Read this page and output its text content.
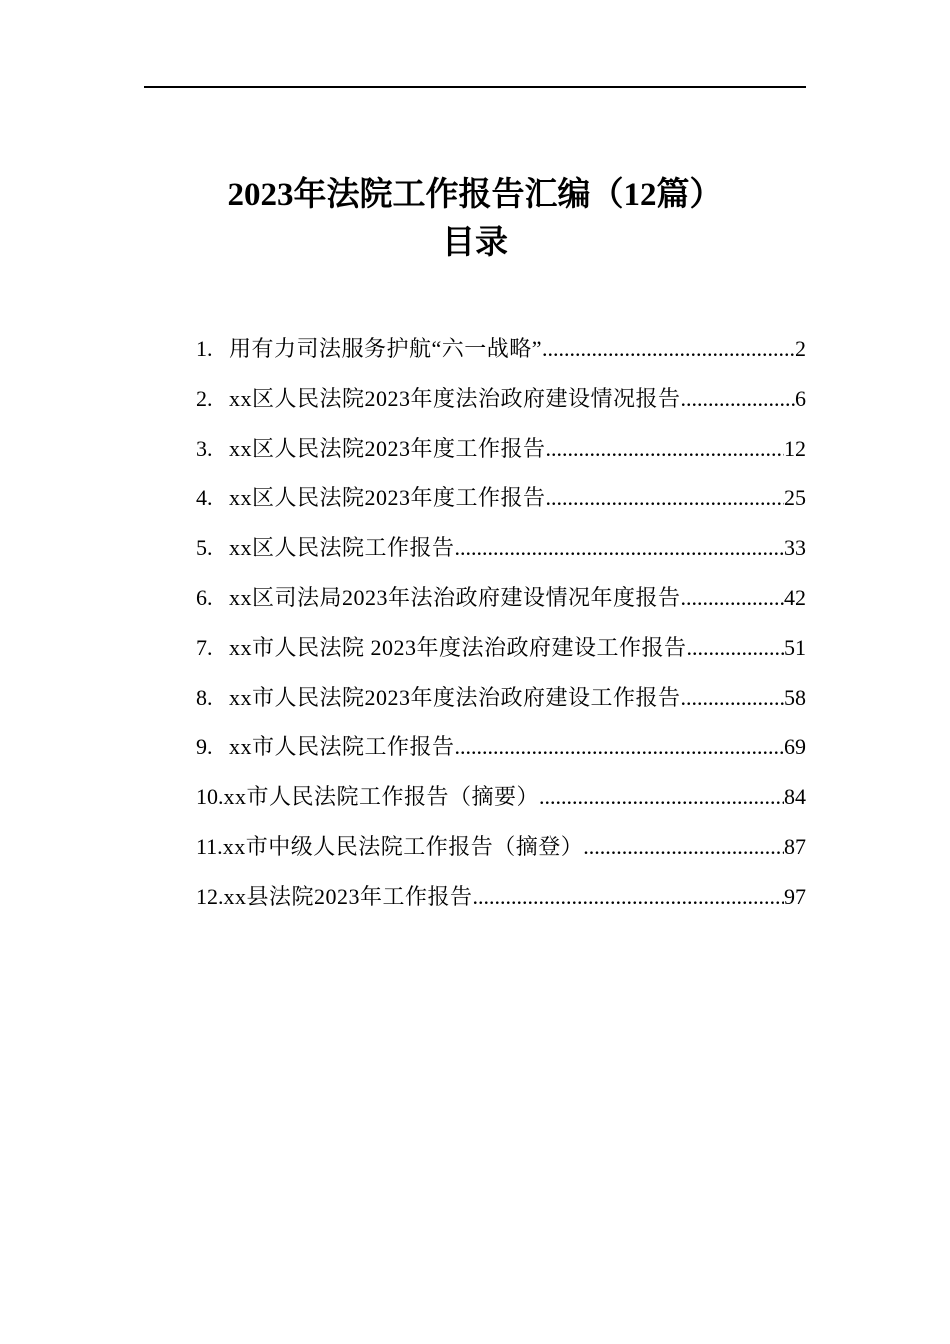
2023年法院工作报告汇编（12篇）
目录
1. 用有力司法服务护航“六一战略” .....	2
2. xx区人民法院2023年度法治政府建设情况报告 .....	6
3. xx区人民法院2023年度工作报告 .....	12
4. xx区人民法院2023年度工作报告 .....	25
5. xx区人民法院工作报告 .....	33
6. xx区司法局2023年法治政府建设情况年度报告 .....	42
7. xx市人民法院 2023年度法治政府建设工作报告 .....	51
8. xx市人民法院2023年度法治政府建设工作报告 .....	58
9. xx市人民法院工作报告 .....	69
10. xx市人民法院工作报告（摘要） .....	84
11. xx市中级人民法院工作报告（摘登） .....	87
12. xx县法院2023年工作报告 .....	97
